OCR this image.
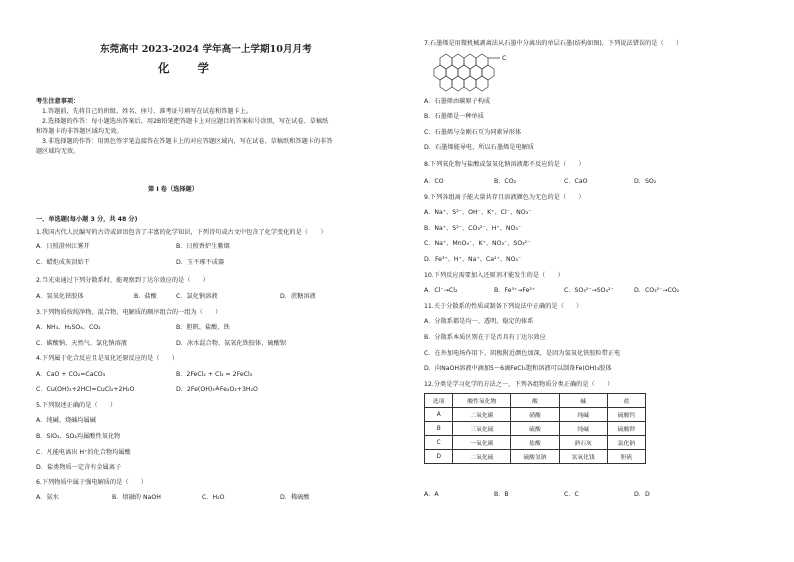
东莞高中 2023-2024 学年高一上学期10月月考
化 学
考生注意事项：
1.答题前，先将自己的班级、姓名、座号、准考证号填写在试卷和答题卡上。
2.选择题的作答：每小题选出答案后，用2B铅笔把答题卡上对应题目的答案标号涂黑，写在试卷、草稿纸
和答题卡的非答题区域均无效。
3.非选择题的作答：用黑色签字笔直接答在答题卡上的对应答题区域内，写在试卷、草稿纸和答题卡的非答
题区域均无效。
第 I 卷（选择题）
一、单选题(每小题 3 分，共 48 分)
1.我国古代人民编写的古诗或谚语包含了丰富的化学知识，下列诗句或古文中包含了化学变化的是（　　）
A．日照澄州江雾开	B．日照香炉生紫烟
C．蜡炬成灰泪始干	D．玉不琢不成器
2.当光束通过下列分散系时，能观察到丁达尔效应的是（　　）
A．氢氧化铁胶体	B．盐酸	C．氯化钠溶液	D．蔗糖溶液
3.下列物质按纯净物、混合物、电解质的顺序组合的一组为（　　）
A．NH₃、H₂SO₄、CO₂	B．胆矾、盐酸、铁
C．碳酸钠、天然气、氯化钠溶液	D．冰水混合物、氨氧化铁胶体、硫酸钡
4.下列属于化合反应且是氧化还原反应的是（　　）
A．CaO + CO₂=CaCO₃	B．2FeCl₂ + Cl₂ = 2FeCl₃
C．Cu(OH)₂+2HCl=CuCl₂+2H₂O	D．2Fe(OH)₃≜Fe₂O₃+3H₂O
5.下列叙述正确的是（　　）
A．纯碱、烧碱均属碱
B．SiO₂、SO₂均属酸性氧化物
C．凡能电离出 H⁺的化合物均属酸
D．盐类物质一定含有金属离子
6.下列物质中属于强电解质的是（　　）
A．氨水	B．熔融的 NaOH	C．H₂O	D．稀硫酸
7.石墨烯是用微机械剥离法从石墨中分离出的单层石墨(结构如图)，下列说法错误的是（　　）
C
A．石墨烯由碳原子构成
B．石墨烯是一种单质
C．石墨烯与金刚石互为同素异形体
D．石墨烯能导电，所以石墨烯是电解质
8.下列氧化物与盐酸或氢氧化钠溶液都不反应的是（　　）
A．CO	B．CO₂	C．CaO	D．SO₂
9.下列各组离子能大量共存且溶液颜色为无色的是（　　）
A．Na⁺、S²⁻、OH⁻、K⁺、Cl⁻、NO₃⁻
B．Na⁺、S²⁻、CO₃²⁻、H⁺、NO₃⁻
C．Na⁺、MnO₄⁻、K⁺、NO₃⁻、SO₃²⁻
D．Fe³⁺、H⁺、Na⁺、Ca²⁺、NO₃⁻
10.下列反应需要加入还原剂才能发生的是（　　）
A．Cl⁻→Cl₂	B．Fe³⁺→Fe²⁺	C．SO₃²⁻→SO₄²⁻	D．CO₃²⁻→CO₂
11.关于分散系的性质或制备下列说法中正确的是（　　）
A．分散系都是均一、透明、稳定的体系
B．分散系本质区别在于是否具有丁达尔效应
C．在外加电场作用下，阴极附近颜色加深，是因为氢氧化铁胶粒带正电
D．向NaOH溶液中滴加5～6滴FeCl₃饱和溶液可以制备Fe(OH)₃胶体
12.分类是学习化学的方法之一，下列各组物质分类正确的是（　　）
选项	酸性氧化物	酸	碱	盐
A	二氧化碳	硝酸	纯碱	硫酸钙
B	三氧化硫	硫酸	纯碱	硫酸钾
C	一氧化碳	盐酸	熟石灰	氯化钠
D	二氧化硫	硫酸氢钠	氢氧化钱	胆矾
A．A	B．B	C．C	D．D
